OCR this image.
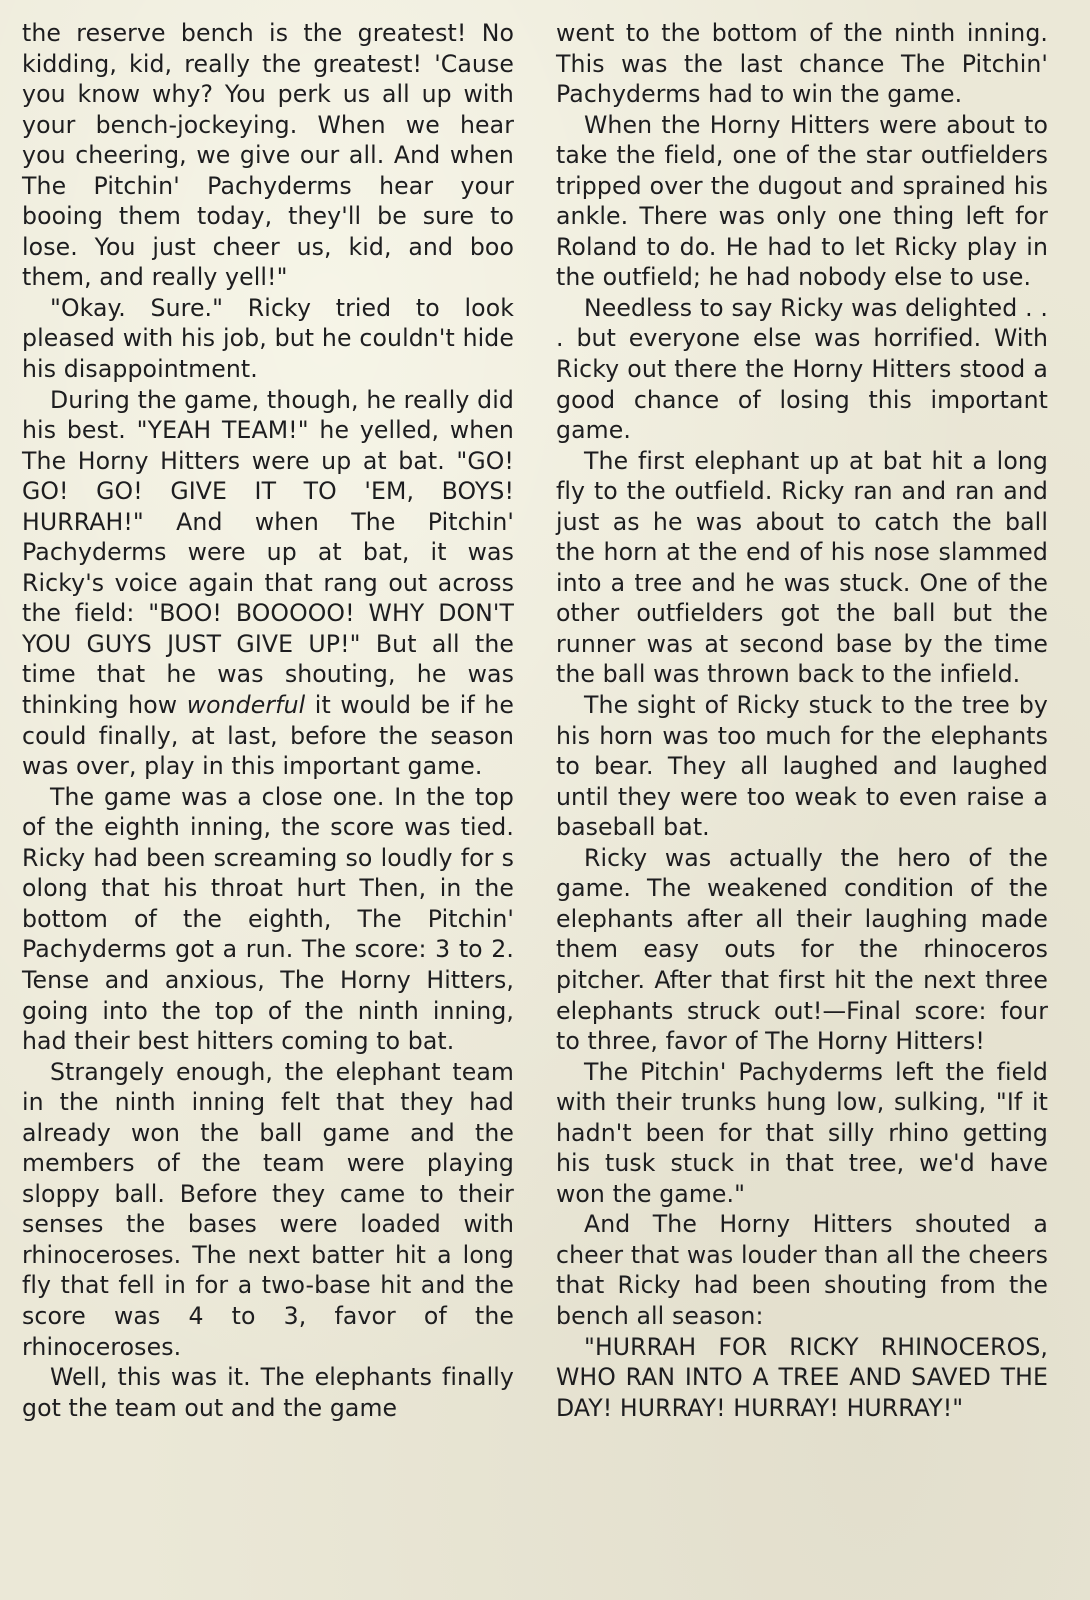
the reserve bench is the greatest! No kidding, kid, really the greatest! 'Cause you know why? You perk us all up with your bench-jockeying. When we hear you cheering, we give our all. And when The Pitchin' Pachyderms hear your booing them today, they'll be sure to lose. You just cheer us, kid, and boo them, and really yell!"

"Okay. Sure." Ricky tried to look pleased with his job, but he couldn't hide his disappointment.

During the game, though, he really did his best. "YEAH TEAM!" he yelled, when The Horny Hitters were up at bat. "GO! GO! GO! GIVE IT TO 'EM, BOYS! HURRAH!" And when The Pitchin' Pachyderms were up at bat, it was Ricky's voice again that rang out across the field: "BOO! BOOOOO! WHY DON'T YOU GUYS JUST GIVE UP!" But all the time that he was shouting, he was thinking how wonderful it would be if he could finally, at last, before the season was over, play in this important game.

The game was a close one. In the top of the eighth inning, the score was tied. Ricky had been screaming so loudly for s olong that his throat hurt Then, in the bottom of the eighth, The Pitchin' Pachyderms got a run. The score: 3 to 2. Tense and anxious, The Horny Hitters, going into the top of the ninth inning, had their best hitters coming to bat.

Strangely enough, the elephant team in the ninth inning felt that they had already won the ball game and the members of the team were playing sloppy ball. Before they came to their senses the bases were loaded with rhinoceroses. The next batter hit a long fly that fell in for a two-base hit and the score was 4 to 3, favor of the rhinoceroses.

Well, this was it. The elephants finally got the team out and the game

went to the bottom of the ninth inning. This was the last chance The Pitchin' Pachyderms had to win the game.

When the Horny Hitters were about to take the field, one of the star outfielders tripped over the dugout and sprained his ankle. There was only one thing left for Roland to do. He had to let Ricky play in the outfield; he had nobody else to use.

Needless to say Ricky was delighted . . . but everyone else was horrified. With Ricky out there the Horny Hitters stood a good chance of losing this important game.

The first elephant up at bat hit a long fly to the outfield. Ricky ran and ran and just as he was about to catch the ball the horn at the end of his nose slammed into a tree and he was stuck. One of the other outfielders got the ball but the runner was at second base by the time the ball was thrown back to the infield.

The sight of Ricky stuck to the tree by his horn was too much for the elephants to bear. They all laughed and laughed until they were too weak to even raise a baseball bat.

Ricky was actually the hero of the game. The weakened condition of the elephants after all their laughing made them easy outs for the rhinoceros pitcher. After that first hit the next three elephants struck out!—Final score: four to three, favor of The Horny Hitters!

The Pitchin' Pachyderms left the field with their trunks hung low, sulking, "If it hadn't been for that silly rhino getting his tusk stuck in that tree, we'd have won the game."

And The Horny Hitters shouted a cheer that was louder than all the cheers that Ricky had been shouting from the bench all season:

"HURRAH FOR RICKY RHINOCEROS, WHO RAN INTO A TREE AND SAVED THE DAY! HURRAY! HURRAY! HURRAY!"
